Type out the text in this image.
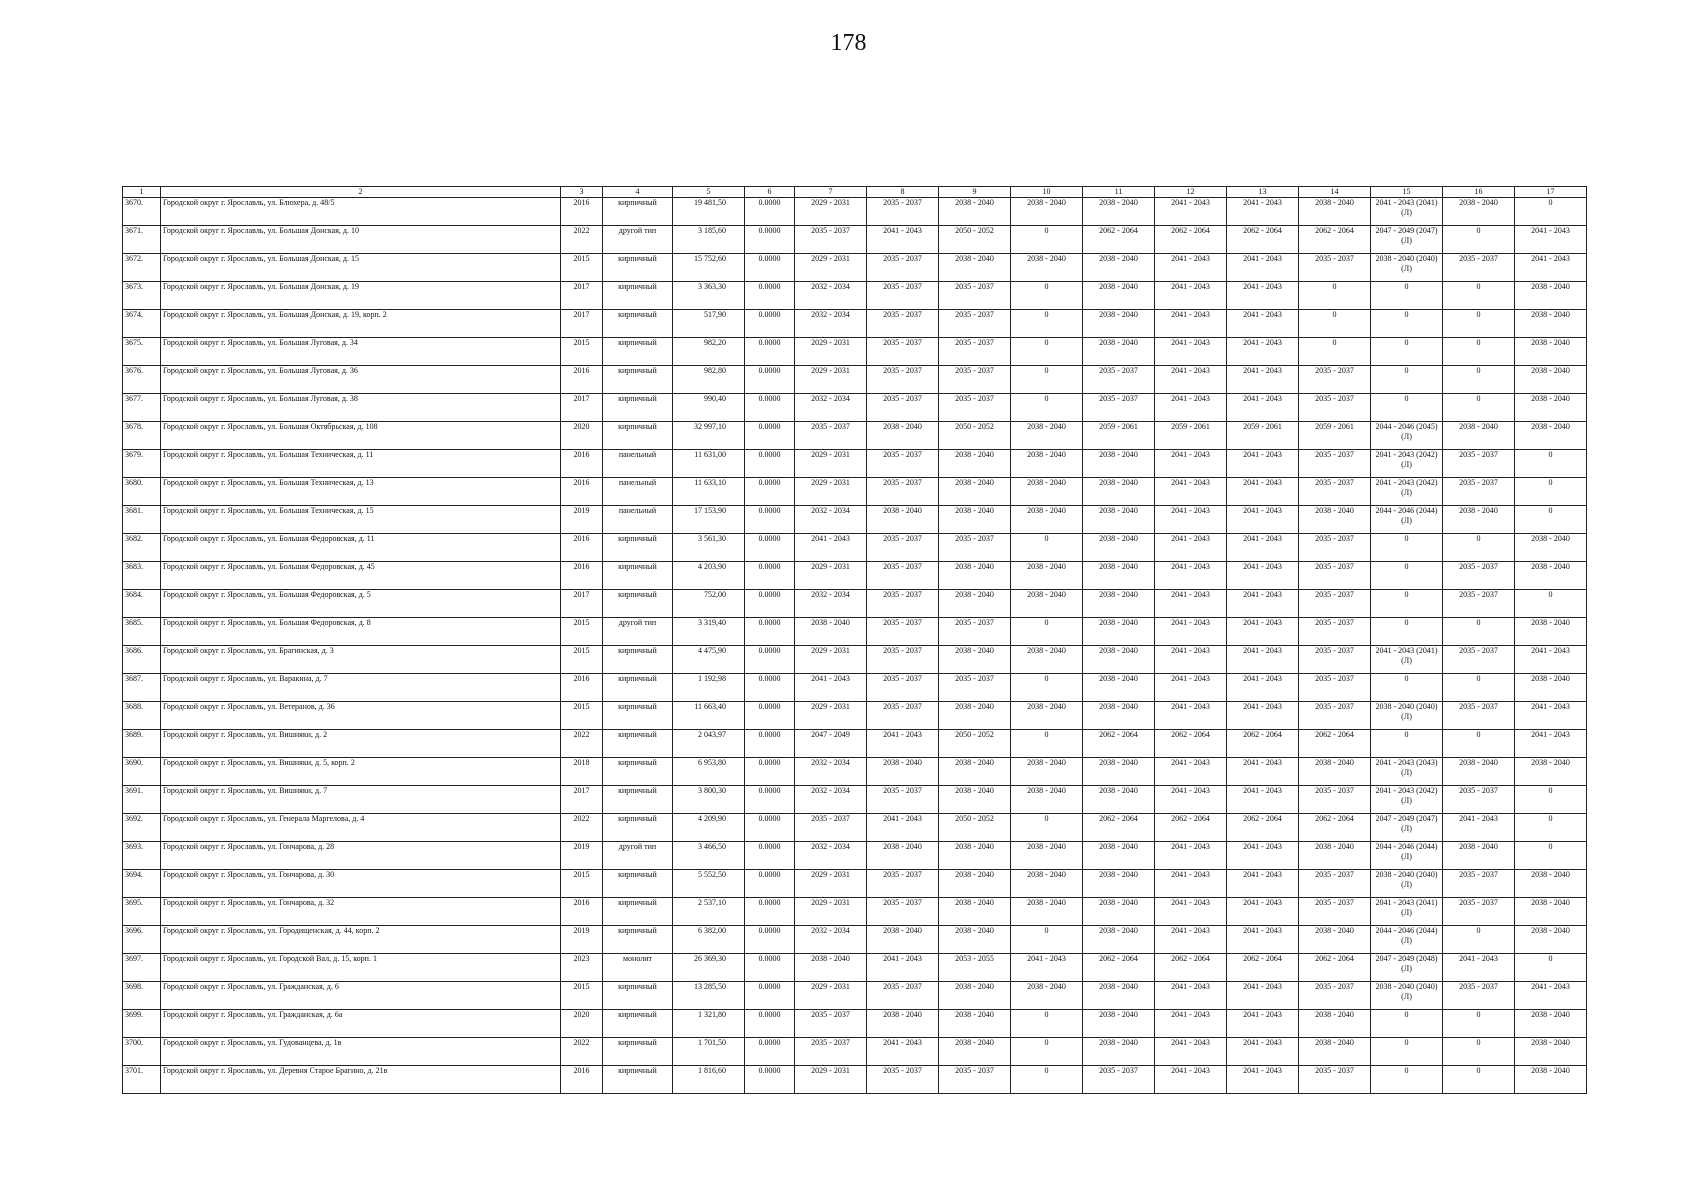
178
1	2	3	4	5	6	7	8	9	10	11	12	13	14	15	16	17
3670.	Городской округ г. Ярославль, ул. Блюхера, д. 48/5	2016	кирпичный	19 481,50	0.0000	2029 - 2031	2035 - 2037	2038 - 2040	2038 - 2040	2038 - 2040	2041 - 2043	2041 - 2043	2038 - 2040	2041 - 2043 (2041) (Л)	2038 - 2040	0
3671.	Городской округ г. Ярославль, ул. Большая Донская, д. 10	2022	другой тип	3 185,60	0.0000	2035 - 2037	2041 - 2043	2050 - 2052	0	2062 - 2064	2062 - 2064	2062 - 2064	2062 - 2064	2047 - 2049 (2047) (Л)	0	2041 - 2043
3672.	Городской округ г. Ярославль, ул. Большая Донская, д. 15	2015	кирпичный	15 752,60	0.0000	2029 - 2031	2035 - 2037	2038 - 2040	2038 - 2040	2038 - 2040	2041 - 2043	2041 - 2043	2035 - 2037	2038 - 2040 (2040) (Л)	2035 - 2037	2041 - 2043
3673.	Городской округ г. Ярославль, ул. Большая Донская, д. 19	2017	кирпичный	3 363,30	0.0000	2032 - 2034	2035 - 2037	2035 - 2037	0	2038 - 2040	2041 - 2043	2041 - 2043	0	0	0	2038 - 2040
3674.	Городской округ г. Ярославль, ул. Большая Донская, д. 19, корп. 2	2017	кирпичный	517,90	0.0000	2032 - 2034	2035 - 2037	2035 - 2037	0	2038 - 2040	2041 - 2043	2041 - 2043	0	0	0	2038 - 2040
3675.	Городской округ г. Ярославль, ул. Большая Луговая, д. 34	2015	кирпичный	982,20	0.0000	2029 - 2031	2035 - 2037	2035 - 2037	0	2038 - 2040	2041 - 2043	2041 - 2043	0	0	0	2038 - 2040
3676.	Городской округ г. Ярославль, ул. Большая Луговая, д. 36	2016	кирпичный	982,80	0.0000	2029 - 2031	2035 - 2037	2035 - 2037	0	2035 - 2037	2041 - 2043	2041 - 2043	2035 - 2037	0	0	2038 - 2040
3677.	Городской округ г. Ярославль, ул. Большая Луговая, д. 38	2017	кирпичный	990,40	0.0000	2032 - 2034	2035 - 2037	2035 - 2037	0	2035 - 2037	2041 - 2043	2041 - 2043	2035 - 2037	0	0	2038 - 2040
3678.	Городской округ г. Ярославль, ул. Большая Октябрьская, д. 108	2020	кирпичный	32 997,10	0.0000	2035 - 2037	2038 - 2040	2050 - 2052	2038 - 2040	2059 - 2061	2059 - 2061	2059 - 2061	2059 - 2061	2044 - 2046 (2045) (Л)	2038 - 2040	2038 - 2040
3679.	Городской округ г. Ярославль, ул. Большая Техническая, д. 11	2016	панельный	11 631,00	0.0000	2029 - 2031	2035 - 2037	2038 - 2040	2038 - 2040	2038 - 2040	2041 - 2043	2041 - 2043	2035 - 2037	2041 - 2043 (2042) (Л)	2035 - 2037	0
3680.	Городской округ г. Ярославль, ул. Большая Техническая, д. 13	2016	панельный	11 633,10	0.0000	2029 - 2031	2035 - 2037	2038 - 2040	2038 - 2040	2038 - 2040	2041 - 2043	2041 - 2043	2035 - 2037	2041 - 2043 (2042) (Л)	2035 - 2037	0
3681.	Городской округ г. Ярославль, ул. Большая Техническая, д. 15	2019	панельный	17 153,90	0.0000	2032 - 2034	2038 - 2040	2038 - 2040	2038 - 2040	2038 - 2040	2041 - 2043	2041 - 2043	2038 - 2040	2044 - 2046 (2044) (Л)	2038 - 2040	0
3682.	Городской округ г. Ярославль, ул. Большая Федоровская, д. 11	2016	кирпичный	3 561,30	0.0000	2041 - 2043	2035 - 2037	2035 - 2037	0	2038 - 2040	2041 - 2043	2041 - 2043	2035 - 2037	0	0	2038 - 2040
3683.	Городской округ г. Ярославль, ул. Большая Федоровская, д. 45	2016	кирпичный	4 203,90	0.0000	2029 - 2031	2035 - 2037	2038 - 2040	2038 - 2040	2038 - 2040	2041 - 2043	2041 - 2043	2035 - 2037	0	2035 - 2037	2038 - 2040
3684.	Городской округ г. Ярославль, ул. Большая Федоровская, д. 5	2017	кирпичный	752,00	0.0000	2032 - 2034	2035 - 2037	2038 - 2040	2038 - 2040	2038 - 2040	2041 - 2043	2041 - 2043	2035 - 2037	0	2035 - 2037	0
3685.	Городской округ г. Ярославль, ул. Большая Федоровская, д. 8	2015	другой тип	3 319,40	0.0000	2038 - 2040	2035 - 2037	2035 - 2037	0	2038 - 2040	2041 - 2043	2041 - 2043	2035 - 2037	0	0	2038 - 2040
3686.	Городской округ г. Ярославль, ул. Брагинская, д. 3	2015	кирпичный	4 475,90	0.0000	2029 - 2031	2035 - 2037	2038 - 2040	2038 - 2040	2038 - 2040	2041 - 2043	2041 - 2043	2035 - 2037	2041 - 2043 (2041) (Л)	2035 - 2037	2041 - 2043
3687.	Городской округ г. Ярославль, ул. Варакина, д. 7	2016	кирпичный	1 192,98	0.0000	2041 - 2043	2035 - 2037	2035 - 2037	0	2038 - 2040	2041 - 2043	2041 - 2043	2035 - 2037	0	0	2038 - 2040
3688.	Городской округ г. Ярославль, ул. Ветеранов, д. 36	2015	кирпичный	11 663,40	0.0000	2029 - 2031	2035 - 2037	2038 - 2040	2038 - 2040	2038 - 2040	2041 - 2043	2041 - 2043	2035 - 2037	2038 - 2040 (2040) (Л)	2035 - 2037	2041 - 2043
3689.	Городской округ г. Ярославль, ул. Вишняки, д. 2	2022	кирпичный	2 043,97	0.0000	2047 - 2049	2041 - 2043	2050 - 2052	0	2062 - 2064	2062 - 2064	2062 - 2064	2062 - 2064	0	0	2041 - 2043
3690.	Городской округ г. Ярославль, ул. Вишняки, д. 5, корп. 2	2018	кирпичный	6 953,80	0.0000	2032 - 2034	2038 - 2040	2038 - 2040	2038 - 2040	2038 - 2040	2041 - 2043	2041 - 2043	2038 - 2040	2041 - 2043 (2043) (Л)	2038 - 2040	2038 - 2040
3691.	Городской округ г. Ярославль, ул. Вишняки, д. 7	2017	кирпичный	3 800,30	0.0000	2032 - 2034	2035 - 2037	2038 - 2040	2038 - 2040	2038 - 2040	2041 - 2043	2041 - 2043	2035 - 2037	2041 - 2043 (2042) (Л)	2035 - 2037	0
3692.	Городской округ г. Ярославль, ул. Генерала Маргелова, д. 4	2022	кирпичный	4 209,90	0.0000	2035 - 2037	2041 - 2043	2050 - 2052	0	2062 - 2064	2062 - 2064	2062 - 2064	2062 - 2064	2047 - 2049 (2047) (Л)	2041 - 2043	0
3693.	Городской округ г. Ярославль, ул. Гончарова, д. 28	2019	другой тип	3 466,50	0.0000	2032 - 2034	2038 - 2040	2038 - 2040	2038 - 2040	2038 - 2040	2041 - 2043	2041 - 2043	2038 - 2040	2044 - 2046 (2044) (Л)	2038 - 2040	0
3694.	Городской округ г. Ярославль, ул. Гончарова, д. 30	2015	кирпичный	5 552,50	0.0000	2029 - 2031	2035 - 2037	2038 - 2040	2038 - 2040	2038 - 2040	2041 - 2043	2041 - 2043	2035 - 2037	2038 - 2040 (2040) (Л)	2035 - 2037	2038 - 2040
3695.	Городской округ г. Ярославль, ул. Гончарова, д. 32	2016	кирпичный	2 537,10	0.0000	2029 - 2031	2035 - 2037	2038 - 2040	2038 - 2040	2038 - 2040	2041 - 2043	2041 - 2043	2035 - 2037	2041 - 2043 (2041) (Л)	2035 - 2037	2038 - 2040
3696.	Городской округ г. Ярославль, ул. Городищенская, д. 44, корп. 2	2019	кирпичный	6 382,00	0.0000	2032 - 2034	2038 - 2040	2038 - 2040	0	2038 - 2040	2041 - 2043	2041 - 2043	2038 - 2040	2044 - 2046 (2044) (Л)	0	2038 - 2040
3697.	Городской округ г. Ярославль, ул. Городской Вал, д. 15, корп. 1	2023	монолит	26 369,30	0.0000	2038 - 2040	2041 - 2043	2053 - 2055	2041 - 2043	2062 - 2064	2062 - 2064	2062 - 2064	2062 - 2064	2047 - 2049 (2048) (Л)	2041 - 2043	0
3698.	Городской округ г. Ярославль, ул. Гражданская, д. 6	2015	кирпичный	13 285,50	0.0000	2029 - 2031	2035 - 2037	2038 - 2040	2038 - 2040	2038 - 2040	2041 - 2043	2041 - 2043	2035 - 2037	2038 - 2040 (2040) (Л)	2035 - 2037	2041 - 2043
3699.	Городской округ г. Ярославль, ул. Гражданская, д. 6а	2020	кирпичный	1 321,80	0.0000	2035 - 2037	2038 - 2040	2038 - 2040	0	2038 - 2040	2041 - 2043	2041 - 2043	2038 - 2040	0	0	2038 - 2040
3700.	Городской округ г. Ярославль, ул. Гудованцева, д. 1в	2022	кирпичный	1 701,50	0.0000	2035 - 2037	2041 - 2043	2038 - 2040	0	2038 - 2040	2041 - 2043	2041 - 2043	2038 - 2040	0	0	2038 - 2040
3701.	Городской округ г. Ярославль, ул. Деревня Старое Брагино, д. 21в	2016	кирпичный	1 816,60	0.0000	2029 - 2031	2035 - 2037	2035 - 2037	0	2035 - 2037	2041 - 2043	2041 - 2043	2035 - 2037	0	0	2038 - 2040
